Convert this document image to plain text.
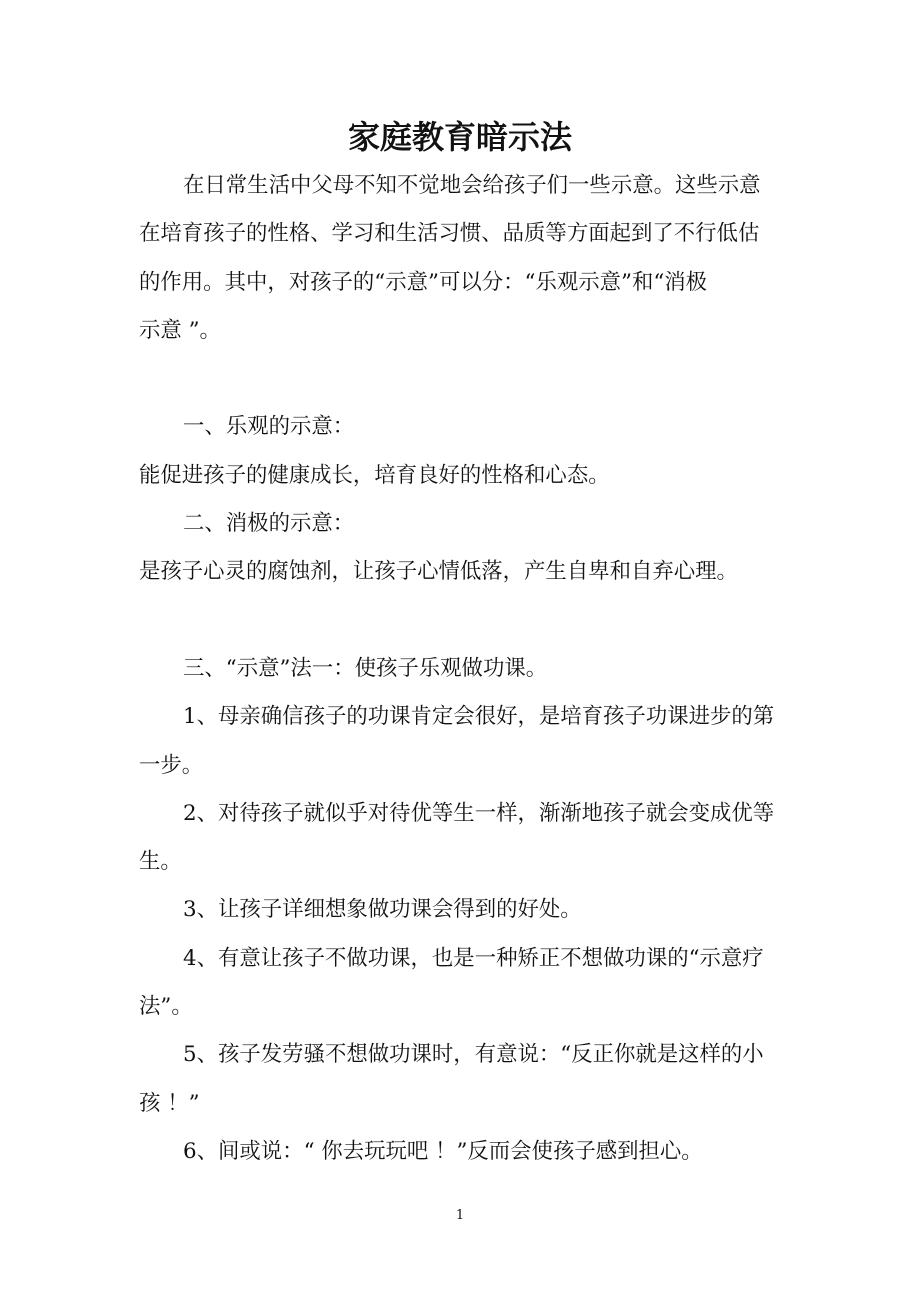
家庭教育暗示法
在日常生活中父母不知不觉地会给孩子们一些示意。这些示意
在培育孩子的性格、学习和生活习惯、品质等方面起到了不行低估
的作用。其中，对孩子的“示意”可以分：“乐观示意”和“消极
示意 ”。
一、乐观的示意：
能促进孩子的健康成长，培育良好的性格和心态。
二、消极的示意：
是孩子心灵的腐蚀剂，让孩子心情低落，产生自卑和自弃心理。
三、“示意”法一：使孩子乐观做功课。
1、母亲确信孩子的功课肯定会很好，是培育孩子功课进步的第
一步。
2、对待孩子就似乎对待优等生一样，渐渐地孩子就会变成优等
生。
3、让孩子详细想象做功课会得到的好处。
4、有意让孩子不做功课，也是一种矫正不想做功课的“示意疗
法”。
5、孩子发劳骚不想做功课时，有意说：“反正你就是这样的小
孩 ！”
6、间或说：“ 你去玩玩吧 ！”反而会使孩子感到担心。
1
